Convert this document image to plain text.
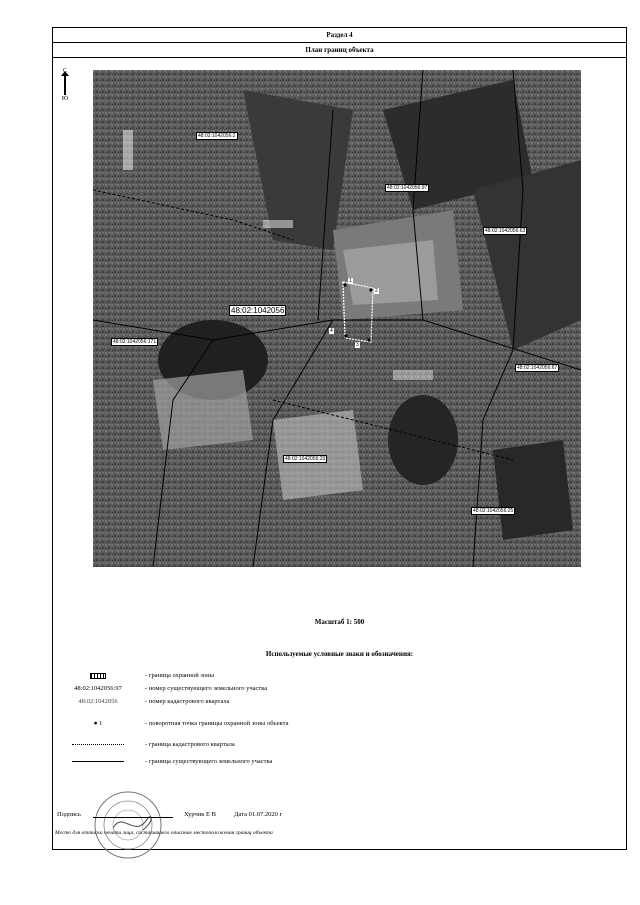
Раздел 4
План границ объекта
Ю
48:02:1042056:2
48:02:1042056:97
48:02:1042056:63
48:02:1042056
48:02:1042056:171
48:02:1042056:67
48:02:1042056:33
48:02:1042056:25
1
2
3
4
Масштаб 1: 500
Используемые условные знаки и обозначения:
- граница охранной зоны
48:02:1042056:97	- номер существующего земельного участка
48:02:1042056	- номер кадастрового квартала
● 1	- поворотная точка границы охранной зоны объекта
- граница кадастрового квартала
- граница существующего земельного участка
Подпись	Хурчик Е В	Дата 01.07.2020 г
Место для оттиска печати лица, составившего описание местоположения границ объекта
